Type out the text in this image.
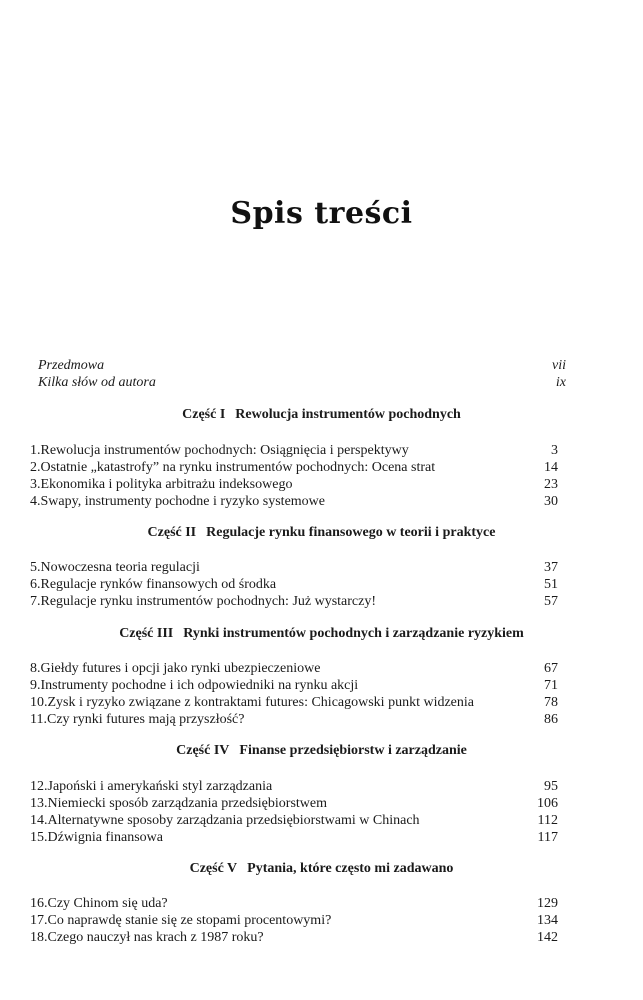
Spis treści
Przedmowa	vii
Kilka słów od autora	ix
Część I Rewolucja instrumentów pochodnych
1.Rewolucja instrumentów pochodnych: Osiągnięcia i perspektywy	3
2.Ostatnie „katastrofy” na rynku instrumentów pochodnych: Ocena strat	14
3.Ekonomika i polityka arbitrażu indeksowego	23
4.Swapy, instrumenty pochodne i ryzyko systemowe	30
Część II Regulacje rynku finansowego w teorii i praktyce
5.Nowoczesna teoria regulacji	37
6.Regulacje rynków finansowych od środka	51
7.Regulacje rynku instrumentów pochodnych: Już wystarczy!	57
Część III Rynki instrumentów pochodnych i zarządzanie ryzykiem
8.Giełdy futures i opcji jako rynki ubezpieczeniowe	67
9.Instrumenty pochodne i ich odpowiedniki na rynku akcji	71
10.Zysk i ryzyko związane z kontraktami futures: Chicagowski punkt widzenia	78
11.Czy rynki futures mają przyszłość?	86
Część IV Finanse przedsiębiorstw i zarządzanie
12.Japoński i amerykański styl zarządzania	95
13.Niemiecki sposób zarządzania przedsiębiorstwem	106
14.Alternatywne sposoby zarządzania przedsiębiorstwami w Chinach	112
15.Dźwignia finansowa	117
Część V Pytania, które często mi zadawano
16.Czy Chinom się uda?	129
17.Co naprawdę stanie się ze stopami procentowymi?	134
18.Czego nauczył nas krach z 1987 roku?	142
